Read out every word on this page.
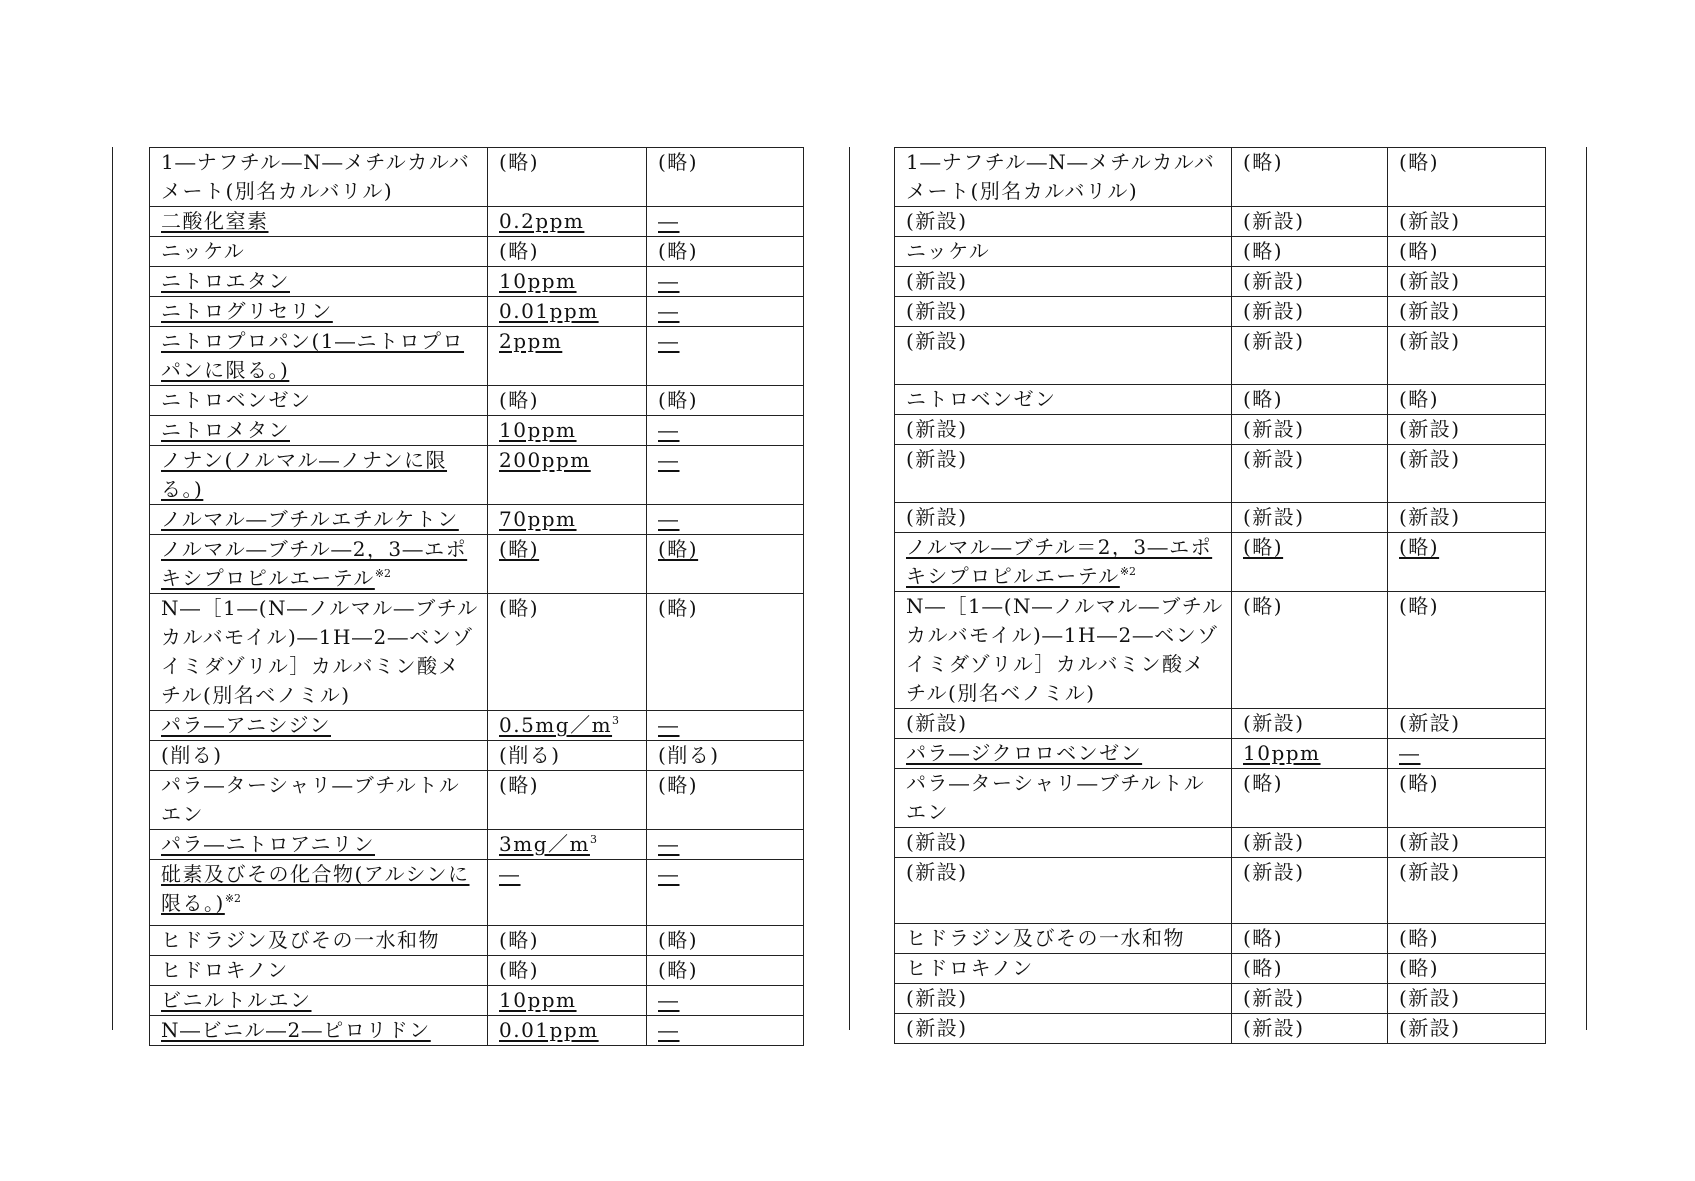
1―ナフチル―N―メチルカルバメート(別名カルバリル)	(略)	(略)
二酸化窒素	0.2ppm	―
ニッケル	(略)	(略)
ニトロエタン	10ppm	―
ニトログリセリン	0.01ppm	―
ニトロプロパン(1―ニトロプロパンに限る。)	2ppm	―
ニトロベンゼン	(略)	(略)
ニトロメタン	10ppm	―
ノナン(ノルマル―ノナンに限る。)	200ppm	―
ノルマル―ブチルエチルケトン	70ppm	―
ノルマル―ブチル―2，3―エポキシプロピルエーテル$^{※2}$	(略)	(略)
N―［1―(N―ノルマル―ブチルカルバモイル)―1H―2―ベンゾイミダゾリル］カルバミン酸メチル(別名ベノミル)	(略)	(略)
パラ―アニシジン	$0.5mg/m^3$	―
(削る)	(削る)	(削る)
パラ―ターシャリ―ブチルトルエン	(略)	(略)
パラ―ニトロアニリン	$3mg/m^3$	―
砒素及びその化合物(アルシンに限る。)$^{※2}$	―	―
ヒドラジン及びその一水和物	(略)	(略)
ヒドロキノン	(略)	(略)
ビニルトルエン	10ppm	―
N―ビニル―2―ピロリドン	0.01ppm	―
1―ナフチル―N―メチルカルバメート(別名カルバリル)	(略)	(略)
(新設)	(新設)	(新設)
ニッケル	(略)	(略)
(新設)	(新設)	(新設)
(新設)	(新設)	(新設)
(新設)	(新設)	(新設)
ニトロベンゼン	(略)	(略)
(新設)	(新設)	(新設)
(新設)	(新設)	(新設)
(新設)	(新設)	(新設)
ノルマル―ブチル＝2，3―エポキシプロピルエーテル$^{※2}$	(略)	(略)
N―［1―(N―ノルマル―ブチルカルバモイル)―1H―2―ベンゾイミダゾリル］カルバミン酸メチル(別名ベノミル)	(略)	(略)
(新設)	(新設)	(新設)
パラ―ジクロロベンゼン	10ppm	―
パラ―ターシャリ―ブチルトルエン	(略)	(略)
(新設)	(新設)	(新設)
(新設)	(新設)	(新設)
ヒドラジン及びその一水和物	(略)	(略)
ヒドロキノン	(略)	(略)
(新設)	(新設)	(新設)
(新設)	(新設)	(新設)
